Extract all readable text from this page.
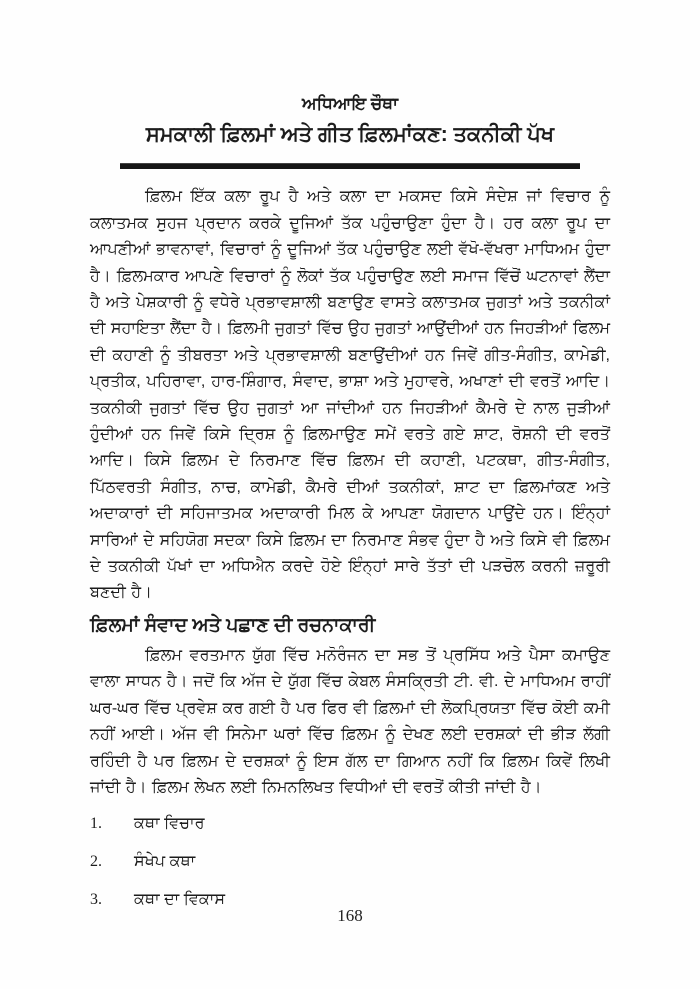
ਅਧਿਆਇ ਚੌਥਾ
ਸਮਕਾਲੀ ਫ਼ਿਲਮਾਂ ਅਤੇ ਗੀਤ ਫ਼ਿਲਮਾਂਕਣ: ਤਕਨੀਕੀ ਪੱਖ

ਫ਼ਿਲਮ ਇੱਕ ਕਲਾ ਰੂਪ ਹੈ ਅਤੇ ਕਲਾ ਦਾ ਮਕਸਦ ਕਿਸੇ ਸੰਦੇਸ਼ ਜਾਂ ਵਿਚਾਰ ਨੂੰ ਕਲਾਤਮਕ ਸੁਹਜ ਪ੍ਰਦਾਨ ਕਰਕੇ ਦੂਜਿਆਂ ਤੱਕ ਪਹੁੰਚਾਉਣਾ ਹੁੰਦਾ ਹੈ। ਹਰ ਕਲਾ ਰੂਪ ਦਾ ਆਪਣੀਆਂ ਭਾਵਨਾਵਾਂ, ਵਿਚਾਰਾਂ ਨੂੰ ਦੂਜਿਆਂ ਤੱਕ ਪਹੁੰਚਾਉਣ ਲਈ ਵੱਖੋ-ਵੱਖਰਾ ਮਾਧਿਅਮ ਹੁੰਦਾ ਹੈ। ਫ਼ਿਲਮਕਾਰ ਆਪਣੇ ਵਿਚਾਰਾਂ ਨੂੰ ਲੋਕਾਂ ਤੱਕ ਪਹੁੰਚਾਉਣ ਲਈ ਸਮਾਜ ਵਿੱਚੋਂ ਘਟਨਾਵਾਂ ਲੈਂਦਾ ਹੈ ਅਤੇ ਪੇਸ਼ਕਾਰੀ ਨੂੰ ਵਧੇਰੇ ਪ੍ਰਭਾਵਸ਼ਾਲੀ ਬਣਾਉਣ ਵਾਸਤੇ ਕਲਾਤਮਕ ਜੁਗਤਾਂ ਅਤੇ ਤਕਨੀਕਾਂ ਦੀ ਸਹਾਇਤਾ ਲੈਂਦਾ ਹੈ। ਫ਼ਿਲਮੀ ਜੁਗਤਾਂ ਵਿੱਚ ਉਹ ਜੁਗਤਾਂ ਆਉਂਦੀਆਂ ਹਨ ਜਿਹੜੀਆਂ ਫਿਲਮ ਦੀ ਕਹਾਣੀ ਨੂੰ ਤੀਬਰਤਾ ਅਤੇ ਪ੍ਰਭਾਵਸ਼ਾਲੀ ਬਣਾਉਂਦੀਆਂ ਹਨ ਜਿਵੇਂ ਗੀਤ-ਸੰਗੀਤ, ਕਾਮੇਡੀ, ਪ੍ਰਤੀਕ, ਪਹਿਰਾਵਾ, ਹਾਰ-ਸ਼ਿੰਗਾਰ, ਸੰਵਾਦ, ਭਾਸ਼ਾ ਅਤੇ ਮੁਹਾਵਰੇ, ਅਖਾਣਾਂ ਦੀ ਵਰਤੋਂ ਆਦਿ। ਤਕਨੀਕੀ ਜੁਗਤਾਂ ਵਿੱਚ ਉਹ ਜੁਗਤਾਂ ਆ ਜਾਂਦੀਆਂ ਹਨ ਜਿਹੜੀਆਂ ਕੈਮਰੇ ਦੇ ਨਾਲ ਜੁੜੀਆਂ ਹੁੰਦੀਆਂ ਹਨ ਜਿਵੇਂ ਕਿਸੇ ਦ੍ਰਿਸ਼ ਨੂੰ ਫ਼ਿਲਮਾਉਣ ਸਮੇਂ ਵਰਤੇ ਗਏ ਸ਼ਾਟ, ਰੋਸ਼ਨੀ ਦੀ ਵਰਤੋਂ ਆਦਿ। ਕਿਸੇ ਫ਼ਿਲਮ ਦੇ ਨਿਰਮਾਣ ਵਿੱਚ ਫ਼ਿਲਮ ਦੀ ਕਹਾਣੀ, ਪਟਕਥਾ, ਗੀਤ-ਸੰਗੀਤ, ਪਿੱਠਵਰਤੀ ਸੰਗੀਤ, ਨਾਚ, ਕਾਮੇਡੀ, ਕੈਮਰੇ ਦੀਆਂ ਤਕਨੀਕਾਂ, ਸ਼ਾਟ ਦਾ ਫ਼ਿਲਮਾਂਕਣ ਅਤੇ ਅਦਾਕਾਰਾਂ ਦੀ ਸਹਿਜਾਤਮਕ ਅਦਾਕਾਰੀ ਮਿਲ ਕੇ ਆਪਣਾ ਯੋਗਦਾਨ ਪਾਉਂਦੇ ਹਨ। ਇੰਨ੍ਹਾਂ ਸਾਰਿਆਂ ਦੇ ਸਹਿਯੋਗ ਸਦਕਾ ਕਿਸੇ ਫ਼ਿਲਮ ਦਾ ਨਿਰਮਾਣ ਸੰਭਵ ਹੁੰਦਾ ਹੈ ਅਤੇ ਕਿਸੇ ਵੀ ਫ਼ਿਲਮ ਦੇ ਤਕਨੀਕੀ ਪੱਖਾਂ ਦਾ ਅਧਿਐਨ ਕਰਦੇ ਹੋਏ ਇੰਨ੍ਹਾਂ ਸਾਰੇ ਤੱਤਾਂ ਦੀ ਪੜਚੋਲ ਕਰਨੀ ਜ਼ਰੂਰੀ ਬਣਦੀ ਹੈ।

ਫ਼ਿਲਮਾਂ ਸੰਵਾਦ ਅਤੇ ਪਛਾਣ ਦੀ ਰਚਨਾਕਾਰੀ

ਫ਼ਿਲਮ ਵਰਤਮਾਨ ਯੁੱਗ ਵਿੱਚ ਮਨੋਰੰਜਨ ਦਾ ਸਭ ਤੋਂ ਪ੍ਰਸਿੱਧ ਅਤੇ ਪੈਸਾ ਕਮਾਉਣ ਵਾਲਾ ਸਾਧਨ ਹੈ। ਜਦੋਂ ਕਿ ਅੱਜ ਦੇ ਯੁੱਗ ਵਿੱਚ ਕੇਬਲ ਸੰਸਕ੍ਰਿਤੀ ਟੀ. ਵੀ. ਦੇ ਮਾਧਿਅਮ ਰਾਹੀਂ ਘਰ-ਘਰ ਵਿੱਚ ਪ੍ਰਵੇਸ਼ ਕਰ ਗਈ ਹੈ ਪਰ ਫਿਰ ਵੀ ਫ਼ਿਲਮਾਂ ਦੀ ਲੋਕਪ੍ਰਿਯਤਾ ਵਿੱਚ ਕੋਈ ਕਮੀ ਨਹੀਂ ਆਈ। ਅੱਜ ਵੀ ਸਿਨੇਮਾ ਘਰਾਂ ਵਿੱਚ ਫ਼ਿਲਮ ਨੂੰ ਦੇਖਣ ਲਈ ਦਰਸ਼ਕਾਂ ਦੀ ਭੀੜ ਲੱਗੀ ਰਹਿੰਦੀ ਹੈ ਪਰ ਫ਼ਿਲਮ ਦੇ ਦਰਸ਼ਕਾਂ ਨੂੰ ਇਸ ਗੱਲ ਦਾ ਗਿਆਨ ਨਹੀਂ ਕਿ ਫ਼ਿਲਮ ਕਿਵੇਂ ਲਿਖੀ ਜਾਂਦੀ ਹੈ। ਫ਼ਿਲਮ ਲੇਖਨ ਲਈ ਨਿਮਨਲਿਖਤ ਵਿਧੀਆਂ ਦੀ ਵਰਤੋਂ ਕੀਤੀ ਜਾਂਦੀ ਹੈ।

1.	ਕਥਾ ਵਿਚਾਰ
2.	ਸੰਖੇਪ ਕਥਾ
3.	ਕਥਾ ਦਾ ਵਿਕਾਸ
168
